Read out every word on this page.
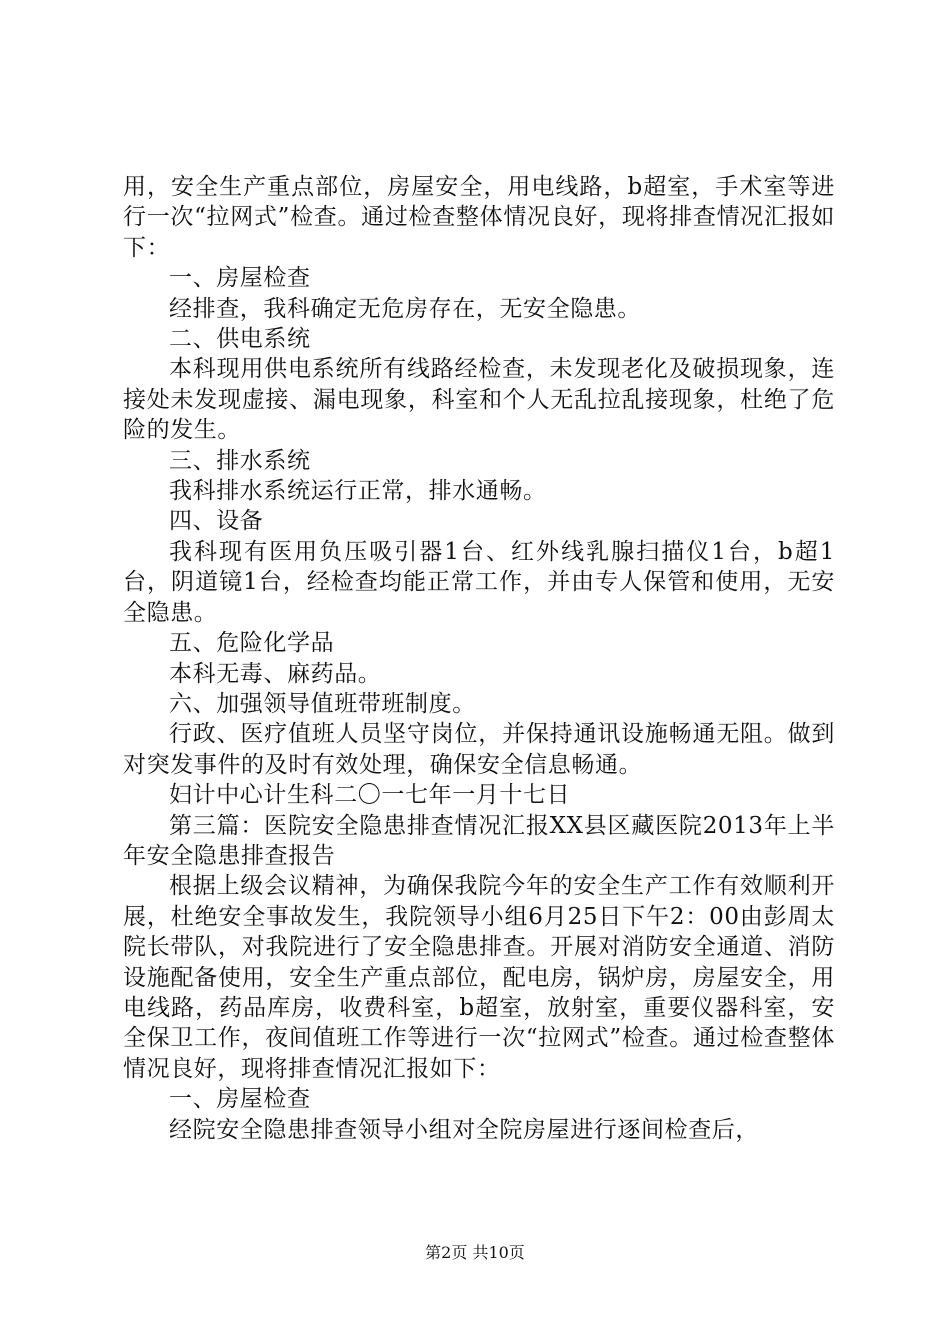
用，安全生产重点部位，房屋安全，用电线路，b超室，手术室等进行一次“拉网式”检查。通过检查整体情况良好，现将排查情况汇报如下：

一、房屋检查

经排查，我科确定无危房存在，无安全隐患。

二、供电系统

本科现用供电系统所有线路经检查，未发现老化及破损现象，连接处未发现虚接、漏电现象，科室和个人无乱拉乱接现象，杜绝了危险的发生。

三、排水系统

我科排水系统运行正常，排水通畅。

四、设备

我科现有医用负压吸引器1台、红外线乳腺扫描仪1台，b超1台，阴道镜1台，经检查均能正常工作，并由专人保管和使用，无安全隐患。

五、危险化学品

本科无毒、麻药品。

六、加强领导值班带班制度。

行政、医疗值班人员坚守岗位，并保持通讯设施畅通无阻。做到对突发事件的及时有效处理，确保安全信息畅通。

妇计中心计生科二〇一七年一月十七日

第三篇：医院安全隐患排查情况汇报XX县区藏医院2013年上半年安全隐患排查报告

根据上级会议精神，为确保我院今年的安全生产工作有效顺利开展，杜绝安全事故发生，我院领导小组6月25日下午2：00由彭周太院长带队，对我院进行了安全隐患排查。开展对消防安全通道、消防设施配备使用，安全生产重点部位，配电房，锅炉房，房屋安全，用电线路，药品库房，收费科室，b超室，放射室，重要仪器科室，安全保卫工作，夜间值班工作等进行一次“拉网式”检查。通过检查整体情况良好，现将排查情况汇报如下：

一、房屋检查

经院安全隐患排查领导小组对全院房屋进行逐间检查后，

第2页 共10页
